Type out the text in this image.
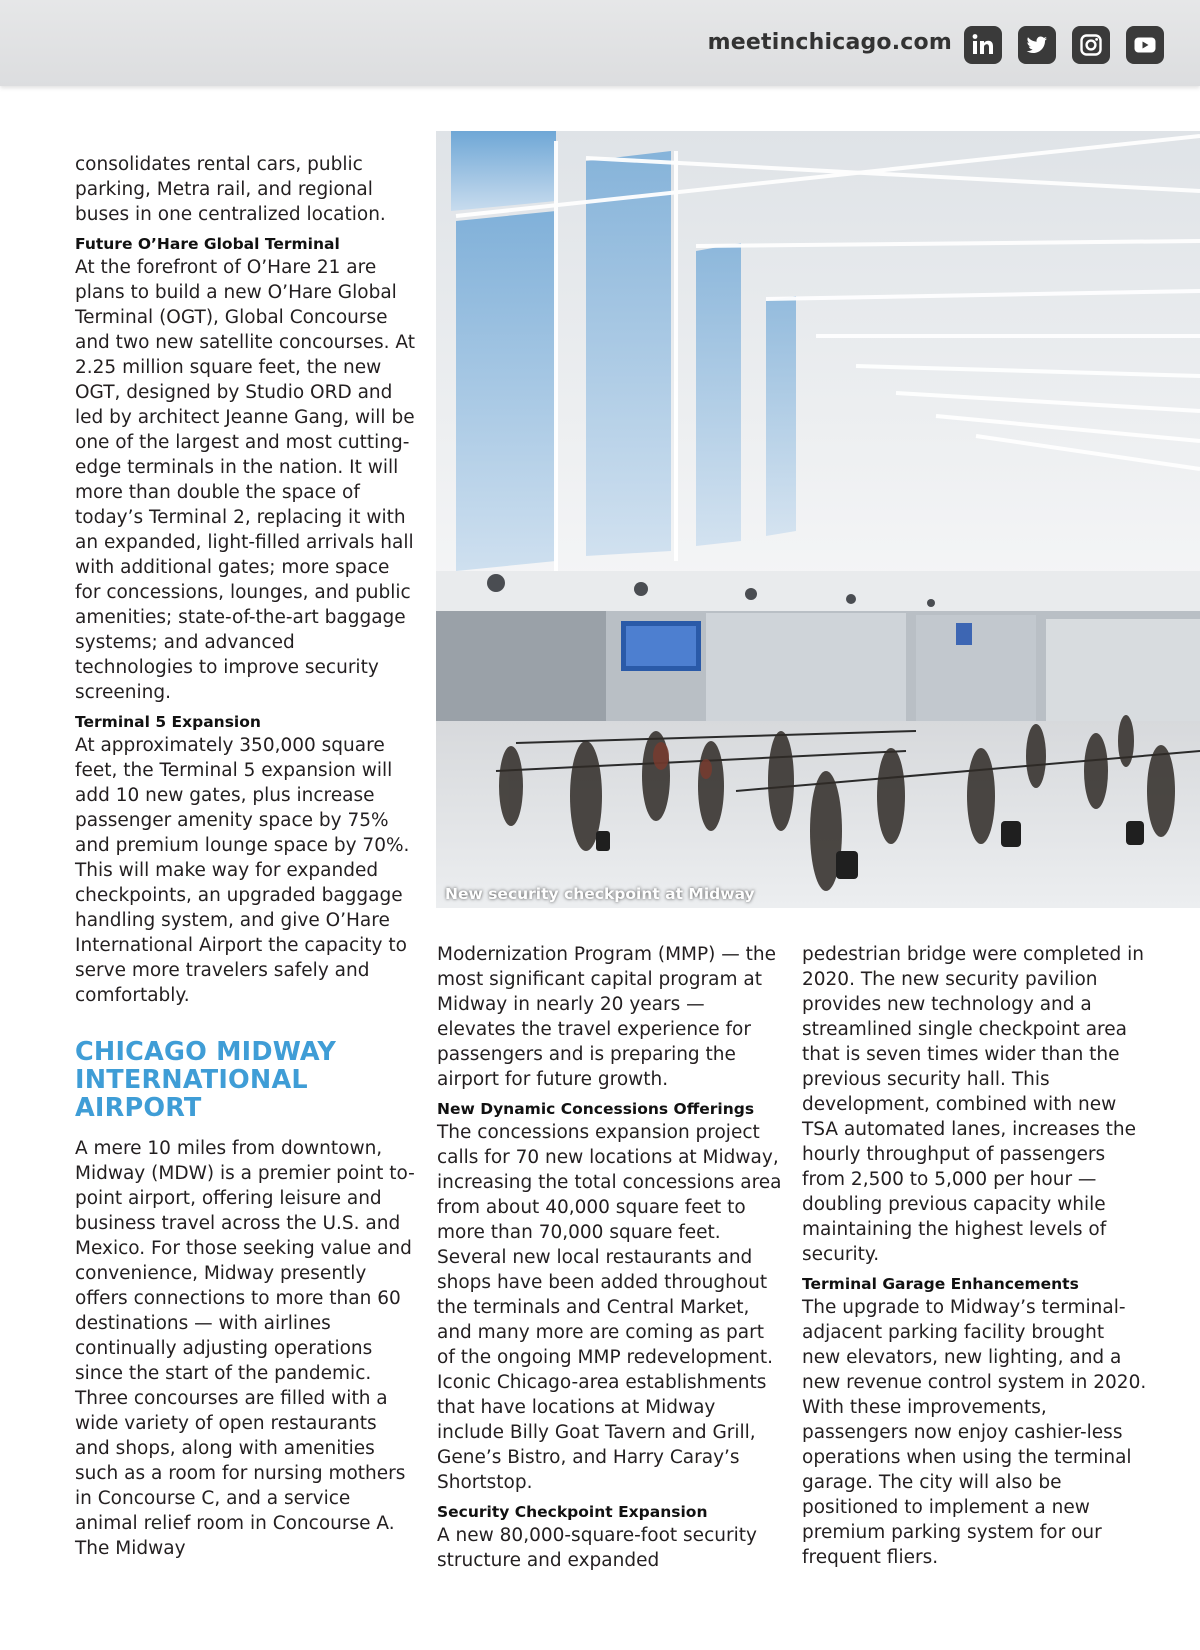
meetinchicago.com

consolidates rental cars, public parking, Metra rail, and regional buses in one centralized location.

Future O’Hare Global Terminal

At the forefront of O’Hare 21 are plans to build a new O’Hare Global Terminal (OGT), Global Concourse and two new satellite concourses. At 2.25 million square feet, the new OGT, designed by Studio ORD and led by architect Jeanne Gang, will be one of the largest and most cutting-edge terminals in the nation. It will more than double the space of today’s Terminal 2, replacing it with an expanded, light-filled arrivals hall with additional gates; more space for concessions, lounges, and public amenities; state-of-the-art baggage systems; and advanced technologies to improve security screening.

Terminal 5 Expansion

At approximately 350,000 square feet, the Terminal 5 expansion will add 10 new gates, plus increase passenger amenity space by 75% and premium lounge space by 70%. This will make way for expanded checkpoints, an upgraded baggage handling system, and give O’Hare International Airport the capacity to serve more travelers safely and comfortably.

CHICAGO MIDWAY INTERNATIONAL AIRPORT

A mere 10 miles from downtown, Midway (MDW) is a premier point to-point airport, offering leisure and business travel across the U.S. and Mexico. For those seeking value and convenience, Midway presently offers connections to more than 60 destinations — with airlines continually adjusting operations since the start of the pandemic. Three concourses are filled with a wide variety of open restaurants and shops, along with amenities such as a room for nursing mothers in Concourse C, and a service animal relief room in Concourse A. The Midway

New security checkpoint at Midway

Modernization Program (MMP) — the most significant capital program at Midway in nearly 20 years — elevates the travel experience for passengers and is preparing the airport for future growth.

New Dynamic Concessions Offerings

The concessions expansion project calls for 70 new locations at Midway, increasing the total concessions area from about 40,000 square feet to more than 70,000 square feet. Several new local restaurants and shops have been added throughout the terminals and Central Market, and many more are coming as part of the ongoing MMP redevelopment. Iconic Chicago-area establishments that have locations at Midway include Billy Goat Tavern and Grill, Gene’s Bistro, and Harry Caray’s Shortstop.

Security Checkpoint Expansion

A new 80,000-square-foot security structure and expanded

pedestrian bridge were completed in 2020. The new security pavilion provides new technology and a streamlined single checkpoint area that is seven times wider than the previous security hall. This development, combined with new TSA automated lanes, increases the hourly throughput of passengers from 2,500 to 5,000 per hour — doubling previous capacity while maintaining the highest levels of security.

Terminal Garage Enhancements

The upgrade to Midway’s terminal-adjacent parking facility brought new elevators, new lighting, and a new revenue control system in 2020. With these improvements, passengers now enjoy cashier-less operations when using the terminal garage. The city will also be positioned to implement a new premium parking system for our frequent fliers.
